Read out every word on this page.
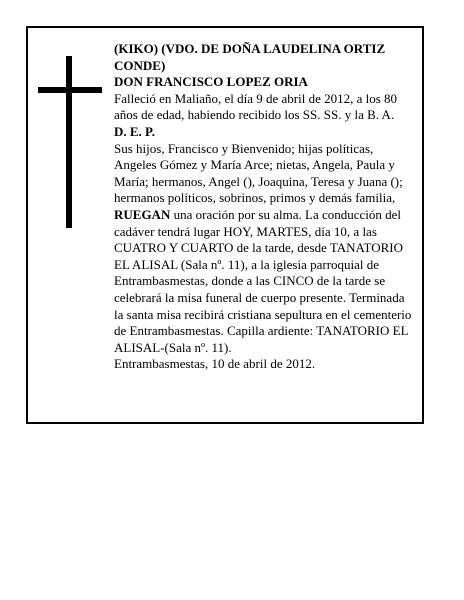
(KIKO) (VDO. DE DOÑA LAUDELINA ORTIZ CONDE)

DON FRANCISCO LOPEZ ORIA

Falleció en Maliaño, el día 9 de abril de 2012, a los 80 años de edad, habiendo recibido los SS. SS. y la B. A.

D. E. P.

Sus hijos, Francisco y Bienvenido; hijas políticas, Angeles Gómez y María Arce; nietas, Angela, Paula y María; hermanos, Angel (), Joaquina, Teresa y Juana (); hermanos políticos, sobrinos, primos y demás familia, RUEGAN una oración por su alma. La conducción del cadáver tendrá lugar HOY, MARTES, día 10, a las CUATRO Y CUARTO de la tarde, desde TANATORIO EL ALISAL (Sala nº. 11), a la iglesia parroquial de Entrambasmestas, donde a las CINCO de la tarde se celebrará la misa funeral de cuerpo presente. Terminada la santa misa recibirá cristiana sepultura en el cementerio de Entrambasmestas. Capilla ardiente: TANATORIO EL ALISAL-(Sala nº. 11).

Entrambasmestas, 10 de abril de 2012.
